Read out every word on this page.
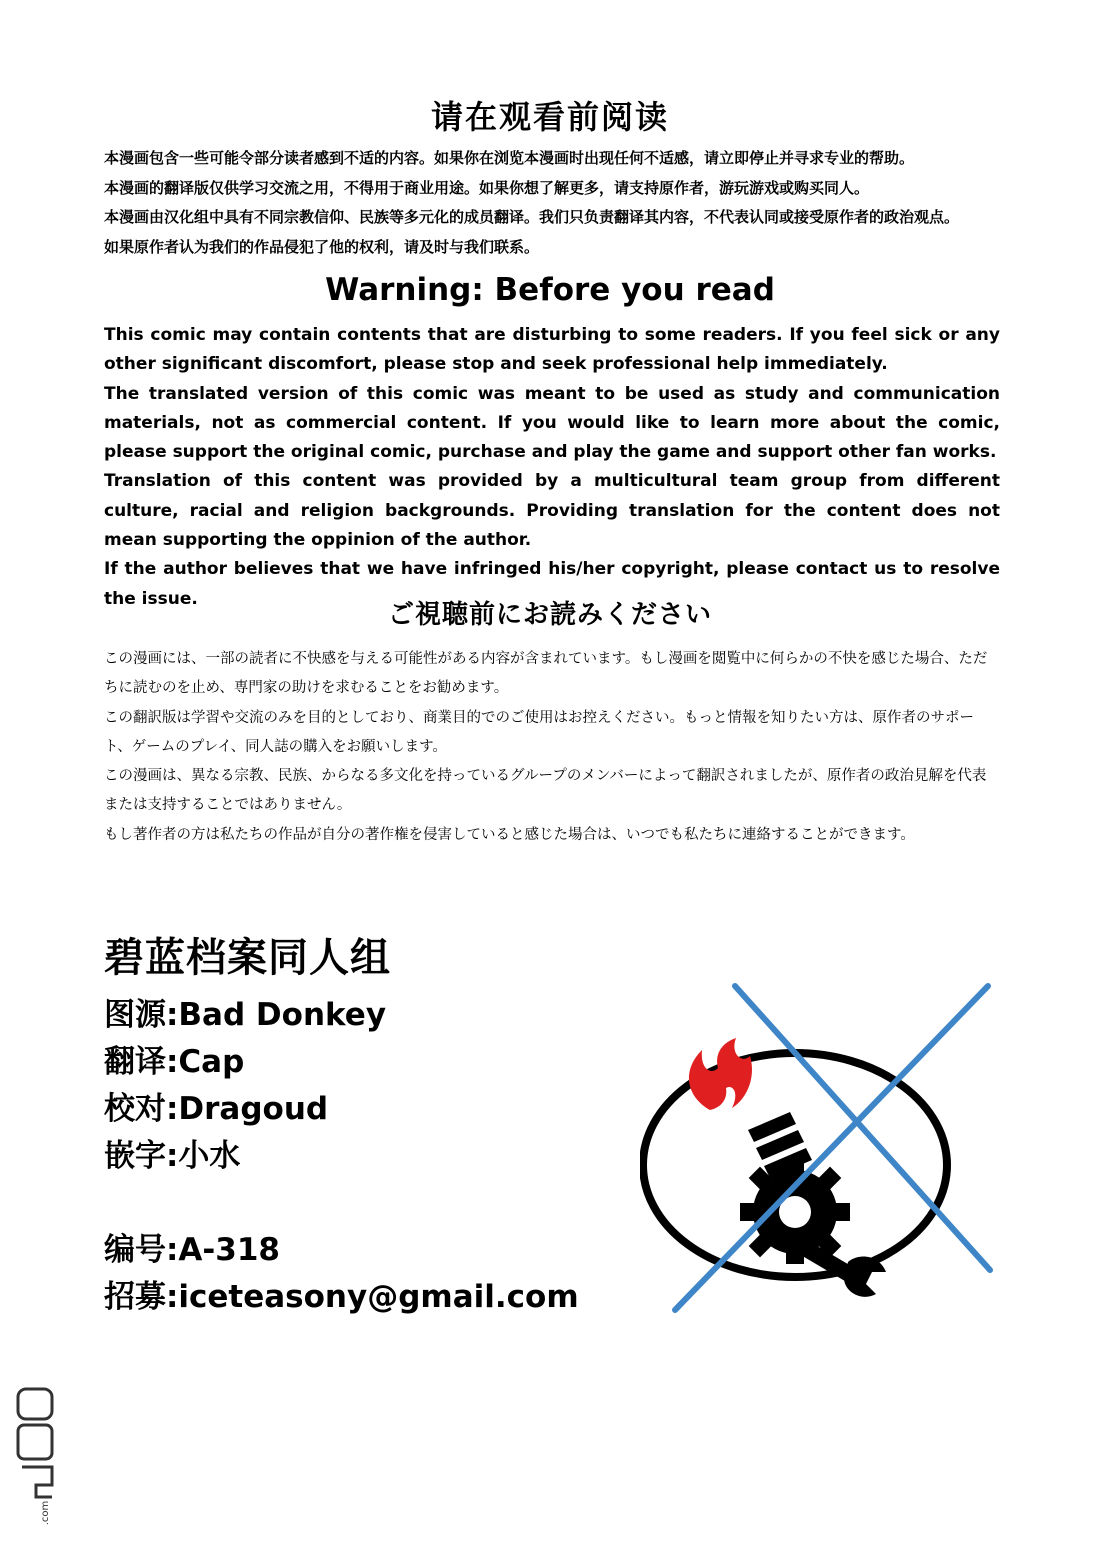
请在观看前阅读

本漫画包含一些可能令部分读者感到不适的内容。如果你在浏览本漫画时出现任何不适感，请立即停止并寻求专业的帮助。

本漫画的翻译版仅供学习交流之用，不得用于商业用途。如果你想了解更多，请支持原作者，游玩游戏或购买同人。

本漫画由汉化组中具有不同宗教信仰、民族等多元化的成员翻译。我们只负责翻译其内容，不代表认同或接受原作者的政治观点。

如果原作者认为我们的作品侵犯了他的权利，请及时与我们联系。

Warning: Before you read

This comic may contain contents that are disturbing to some readers. If you feel sick or any other significant discomfort, please stop and seek professional help immediately.

The translated version of this comic was meant to be used as study and communication materials, not as commercial content. If you would like to learn more about the comic, please support the original comic, purchase and play the game and support other fan works.

Translation of this content was provided by a multicultural team group from different culture, racial and religion backgrounds. Providing translation for the content does not mean supporting the oppinion of the author.

If the author believes that we have infringed his/her copyright, please contact us to resolve the issue.

ご視聴前にお読みください

この漫画には、一部の読者に不快感を与える可能性がある内容が含まれています。もし漫画を閲覧中に何らかの不快を感じた場合、ただちに読むのを止め、専門家の助けを求むることをお勧めます。

この翻訳版は学習や交流のみを目的としており、商業目的でのご使用はお控えください。もっと情報を知りたい方は、原作者のサポート、ゲームのプレイ、同人誌の購入をお願いします。

この漫画は、異なる宗教、民族、からなる多文化を持っているグループのメンバーによって翻訳されましたが、原作者の政治見解を代表または支持することではありません。

もし著作者の方は私たちの作品が自分の著作権を侵害していると感じた場合は、いつでも私たちに連絡することができます。

碧蓝档案同人组

图源:Bad Donkey

翻译:Cap

校对:Dragoud

嵌字:小水

编号:A-318

招募:iceteasony@gmail.com

.com
